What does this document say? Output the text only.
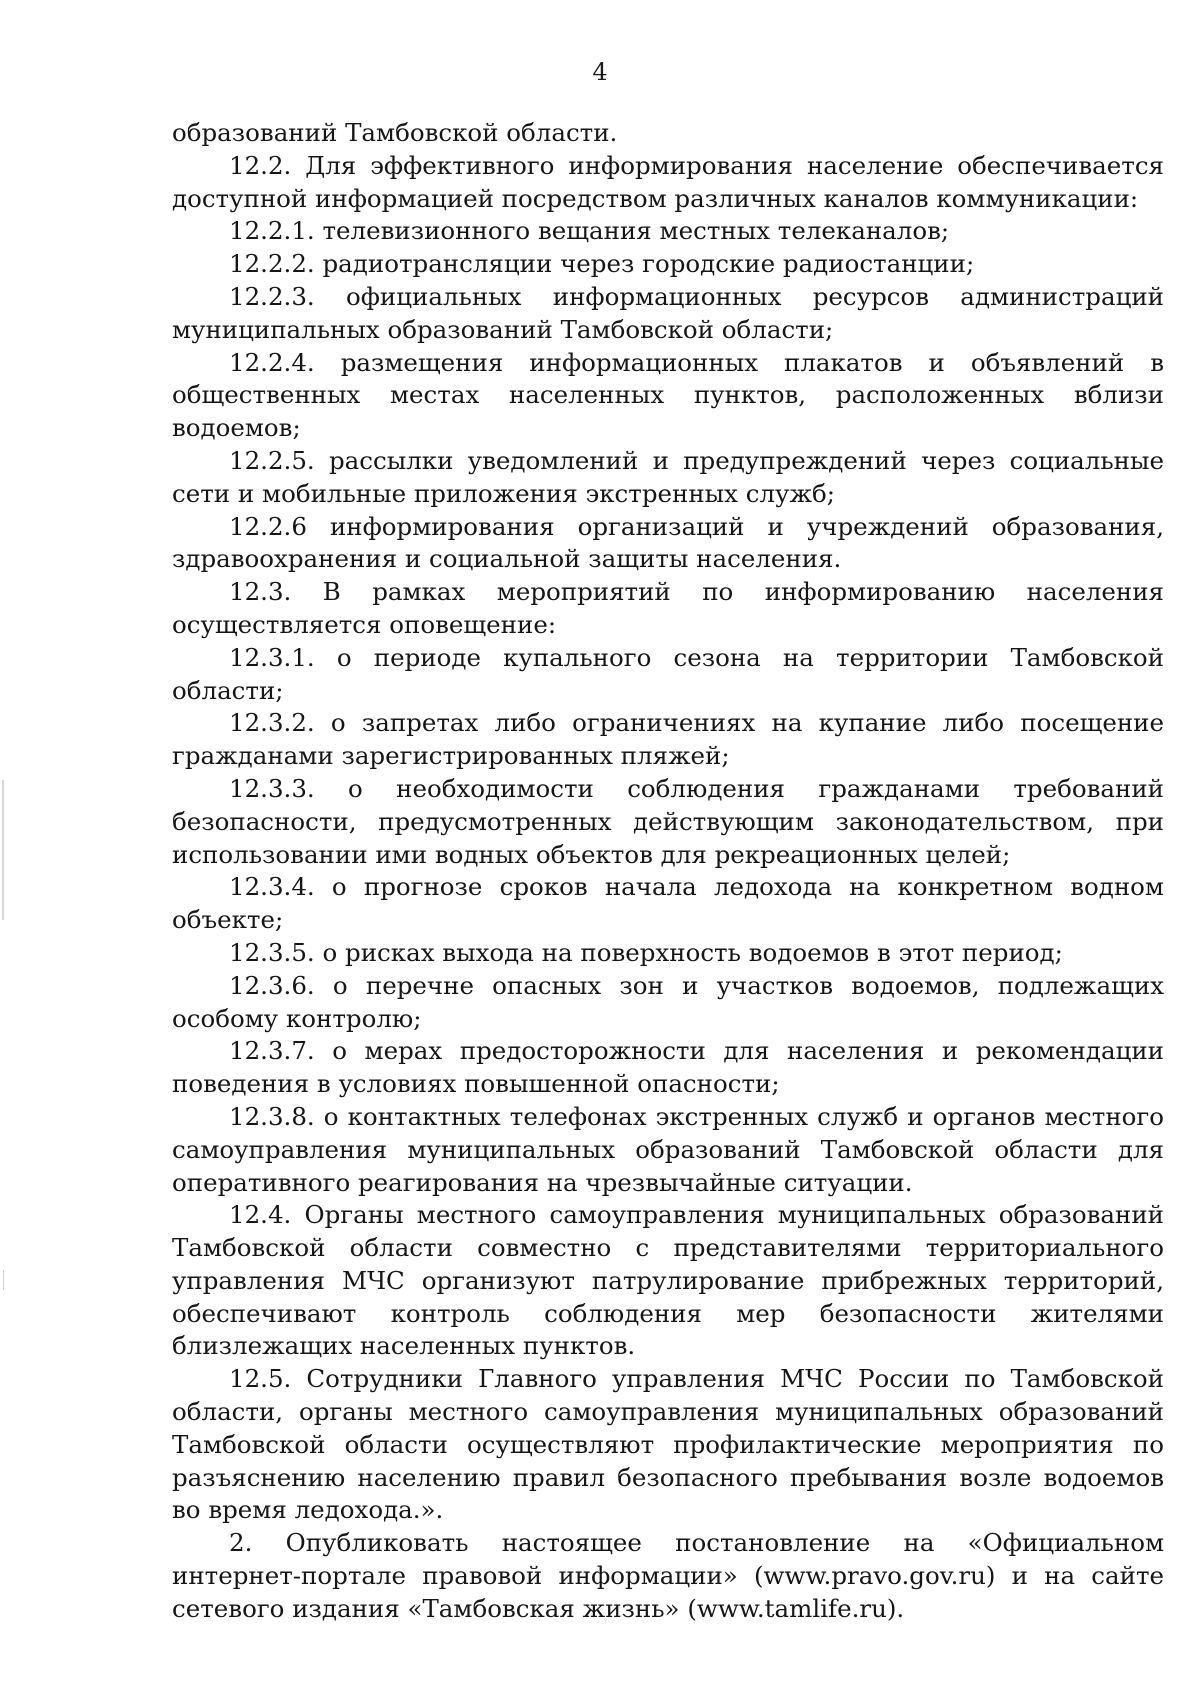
4

образований Тамбовской области.

12.2. Для эффективного информирования население обеспечивается доступной информацией посредством различных каналов коммуникации:

12.2.1. телевизионного вещания местных телеканалов;

12.2.2. радиотрансляции через городские радиостанции;

12.2.3. официальных информационных ресурсов администраций муниципальных образований Тамбовской области;

12.2.4. размещения информационных плакатов и объявлений в общественных местах населенных пунктов, расположенных вблизи водоемов;

12.2.5. рассылки уведомлений и предупреждений через социальные сети и мобильные приложения экстренных служб;

12.2.6 информирования организаций и учреждений образования, здравоохранения и социальной защиты населения.

12.3. В рамках мероприятий по информированию населения осуществляется оповещение:

12.3.1. о периоде купального сезона на территории Тамбовской области;

12.3.2. о запретах либо ограничениях на купание либо посещение гражданами зарегистрированных пляжей;

12.3.3. о необходимости соблюдения гражданами требований безопасности, предусмотренных действующим законодательством, при использовании ими водных объектов для рекреационных целей;

12.3.4. о прогнозе сроков начала ледохода на конкретном водном объекте;

12.3.5. о рисках выхода на поверхность водоемов в этот период;

12.3.6. о перечне опасных зон и участков водоемов, подлежащих особому контролю;

12.3.7. о мерах предосторожности для населения и рекомендации поведения в условиях повышенной опасности;

12.3.8. о контактных телефонах экстренных служб и органов местного самоуправления муниципальных образований Тамбовской области для оперативного реагирования на чрезвычайные ситуации.

12.4. Органы местного самоуправления муниципальных образований Тамбовской области совместно с представителями территориального управления МЧС организуют патрулирование прибрежных территорий, обеспечивают контроль соблюдения мер безопасности жителями близлежащих населенных пунктов.

12.5. Сотрудники Главного управления МЧС России по Тамбовской области, органы местного самоуправления муниципальных образований Тамбовской области осуществляют профилактические мероприятия по разъяснению населению правил безопасного пребывания возле водоемов во время ледохода.».

2. Опубликовать настоящее постановление на «Официальном интернет-портале правовой информации» (www.pravo.gov.ru) и на сайте сетевого издания «Тамбовская жизнь» (www.tamlife.ru).
